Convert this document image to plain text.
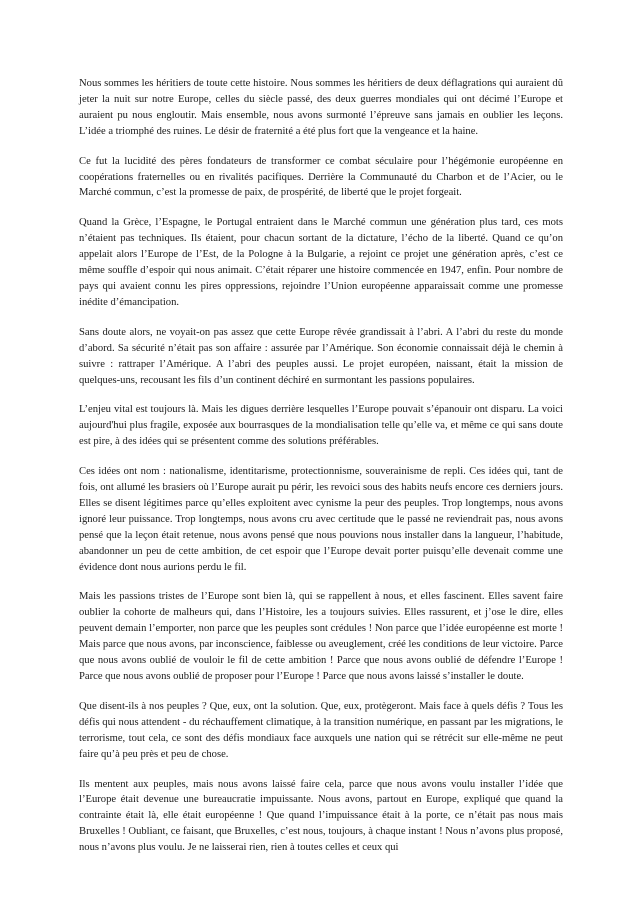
Nous sommes les héritiers de toute cette histoire. Nous sommes les héritiers de deux déflagrations qui auraient dû jeter la nuit sur notre Europe, celles du siècle passé, des deux guerres mondiales qui ont décimé l’Europe et auraient pu nous engloutir. Mais ensemble, nous avons surmonté l’épreuve sans jamais en oublier les leçons. L’idée a triomphé des ruines. Le désir de fraternité a été plus fort que la vengeance et la haine.

Ce fut la lucidité des pères fondateurs de transformer ce combat séculaire pour l’hégémonie européenne en coopérations fraternelles ou en rivalités pacifiques. Derrière la Communauté du Charbon et de l’Acier, ou le Marché commun, c’est la promesse de paix, de prospérité, de liberté que le projet forgeait.

Quand la Grèce, l’Espagne, le Portugal entraient dans le Marché commun une génération plus tard, ces mots n’étaient pas techniques. Ils étaient, pour chacun sortant de la dictature, l’écho de la liberté. Quand ce qu’on appelait alors l’Europe de l’Est, de la Pologne à la Bulgarie, a rejoint ce projet une génération après, c’est ce même souffle d’espoir qui nous animait. C’était réparer une histoire commencée en 1947, enfin. Pour nombre de pays qui avaient connu les pires oppressions, rejoindre l’Union européenne apparaissait comme une promesse inédite d’émancipation.

Sans doute alors, ne voyait-on pas assez que cette Europe rêvée grandissait à l’abri. A l’abri du reste du monde d’abord. Sa sécurité n’était pas son affaire : assurée par l’Amérique. Son économie connaissait déjà le chemin à suivre : rattraper l’Amérique. A l’abri des peuples aussi. Le projet européen, naissant, était la mission de quelques-uns, recousant les fils d’un continent déchiré en surmontant les passions populaires.

L’enjeu vital est toujours là. Mais les digues derrière lesquelles l’Europe pouvait s’épanouir ont disparu. La voici aujourd'hui plus fragile, exposée aux bourrasques de la mondialisation telle qu’elle va, et même ce qui sans doute est pire, à des idées qui se présentent comme des solutions préférables.

Ces idées ont nom : nationalisme, identitarisme, protectionnisme, souverainisme de repli. Ces idées qui, tant de fois, ont allumé les brasiers où l’Europe aurait pu périr, les revoici sous des habits neufs encore ces derniers jours. Elles se disent légitimes parce qu’elles exploitent avec cynisme la peur des peuples. Trop longtemps, nous avons ignoré leur puissance. Trop longtemps, nous avons cru avec certitude que le passé ne reviendrait pas, nous avons pensé que la leçon était retenue, nous avons pensé que nous pouvions nous installer dans la langueur, l’habitude, abandonner un peu de cette ambition, de cet espoir que l’Europe devait porter puisqu’elle devenait comme une évidence dont nous aurions perdu le fil.

Mais les passions tristes de l’Europe sont bien là, qui se rappellent à nous, et elles fascinent. Elles savent faire oublier la cohorte de malheurs qui, dans l’Histoire, les a toujours suivies. Elles rassurent, et j’ose le dire, elles peuvent demain l’emporter, non parce que les peuples sont crédules ! Non parce que l’idée européenne est morte ! Mais parce que nous avons, par inconscience, faiblesse ou aveuglement, créé les conditions de leur victoire. Parce que nous avons oublié de vouloir le fil de cette ambition ! Parce que nous avons oublié de défendre l’Europe ! Parce que nous avons oublié de proposer pour l’Europe ! Parce que nous avons laissé s’installer le doute.

Que disent-ils à nos peuples ? Que, eux, ont la solution. Que, eux, protègeront. Mais face à quels défis ? Tous les défis qui nous attendent - du réchauffement climatique, à la transition numérique, en passant par les migrations, le terrorisme, tout cela, ce sont des défis mondiaux face auxquels une nation qui se rétrécit sur elle-même ne peut faire qu’à peu près et peu de chose.

Ils mentent aux peuples, mais nous avons laissé faire cela, parce que nous avons voulu installer l’idée que l’Europe était devenue une bureaucratie impuissante. Nous avons, partout en Europe, expliqué que quand la contrainte était là, elle était européenne ! Que quand l’impuissance était à la porte, ce n’était pas nous mais Bruxelles ! Oubliant, ce faisant, que Bruxelles, c’est nous, toujours, à chaque instant ! Nous n’avons plus proposé, nous n’avons plus voulu. Je ne laisserai rien, rien à toutes celles et ceux qui
